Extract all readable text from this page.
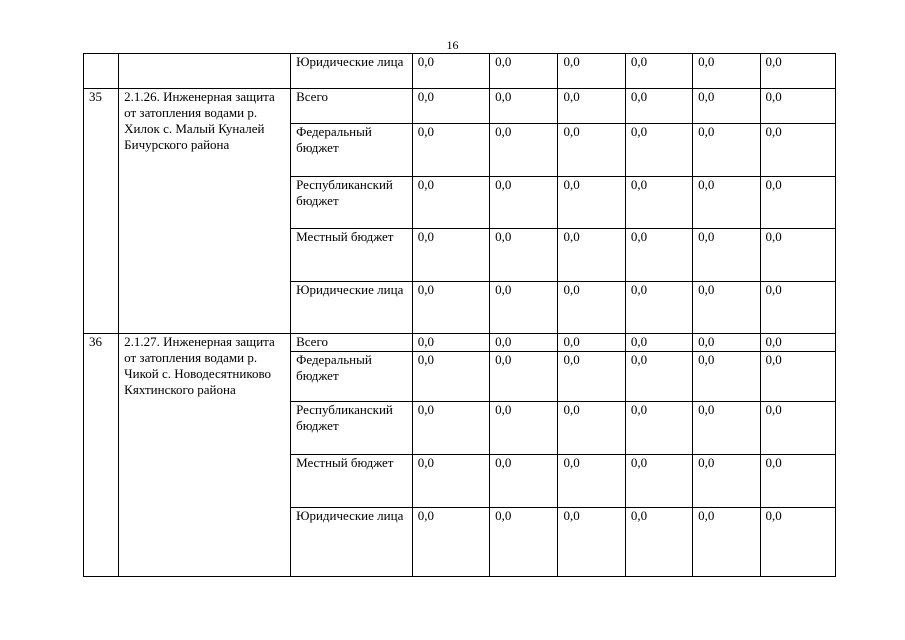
16
		Юридические лица	0,0	0,0	0,0	0,0	0,0	0,0
35	2.1.26. Инженерная защита от затопления водами р. Хилок с. Малый Куналей Бичурского района	Всего	0,0	0,0	0,0	0,0	0,0	0,0
		Федеральный бюджет	0,0	0,0	0,0	0,0	0,0	0,0
		Республиканский бюджет	0,0	0,0	0,0	0,0	0,0	0,0
		Местный бюджет	0,0	0,0	0,0	0,0	0,0	0,0
		Юридические лица	0,0	0,0	0,0	0,0	0,0	0,0
36	2.1.27. Инженерная защита от затопления водами р. Чикой с. Новодесятниково Кяхтинского района	Всего	0,0	0,0	0,0	0,0	0,0	0,0
		Федеральный бюджет	0,0	0,0	0,0	0,0	0,0	0,0
		Республиканский бюджет	0,0	0,0	0,0	0,0	0,0	0,0
		Местный бюджет	0,0	0,0	0,0	0,0	0,0	0,0
		Юридические лица	0,0	0,0	0,0	0,0	0,0	0,0
